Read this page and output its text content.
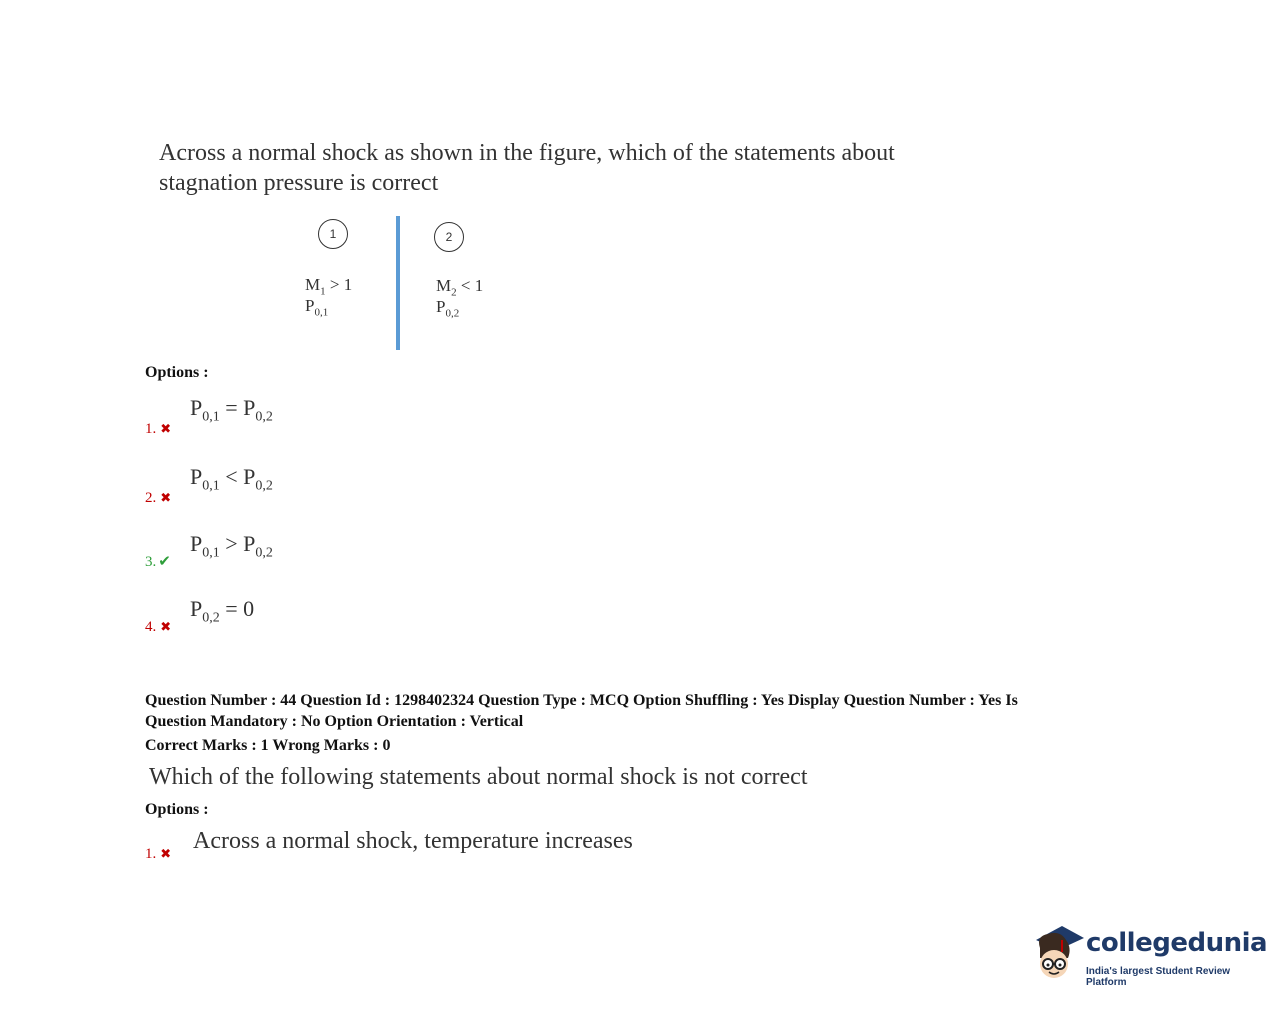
Across a normal shock as shown in the figure, which of the statements about
stagnation pressure is correct
1	2
$M_1 > 1$
$P_{0,1}$
$M_2 < 1$
$P_{0,2}$
Options :
1. ✖
$P_{0,1} = P_{0,2}$
2. ✖
$P_{0,1} < P_{0,2}$
3. ✔
$P_{0,1} > P_{0,2}$
4. ✖
$P_{0,2} = 0$
Question Number : 44 Question Id : 1298402324 Question Type : MCQ Option Shuffling : Yes Display Question Number : Yes Is
Question Mandatory : No Option Orientation : Vertical
Correct Marks : 1 Wrong Marks : 0
Which of the following statements about normal shock is not correct
Options :
1. ✖
Across a normal shock, temperature increases
collegedunia
India's largest Student Review Platform
